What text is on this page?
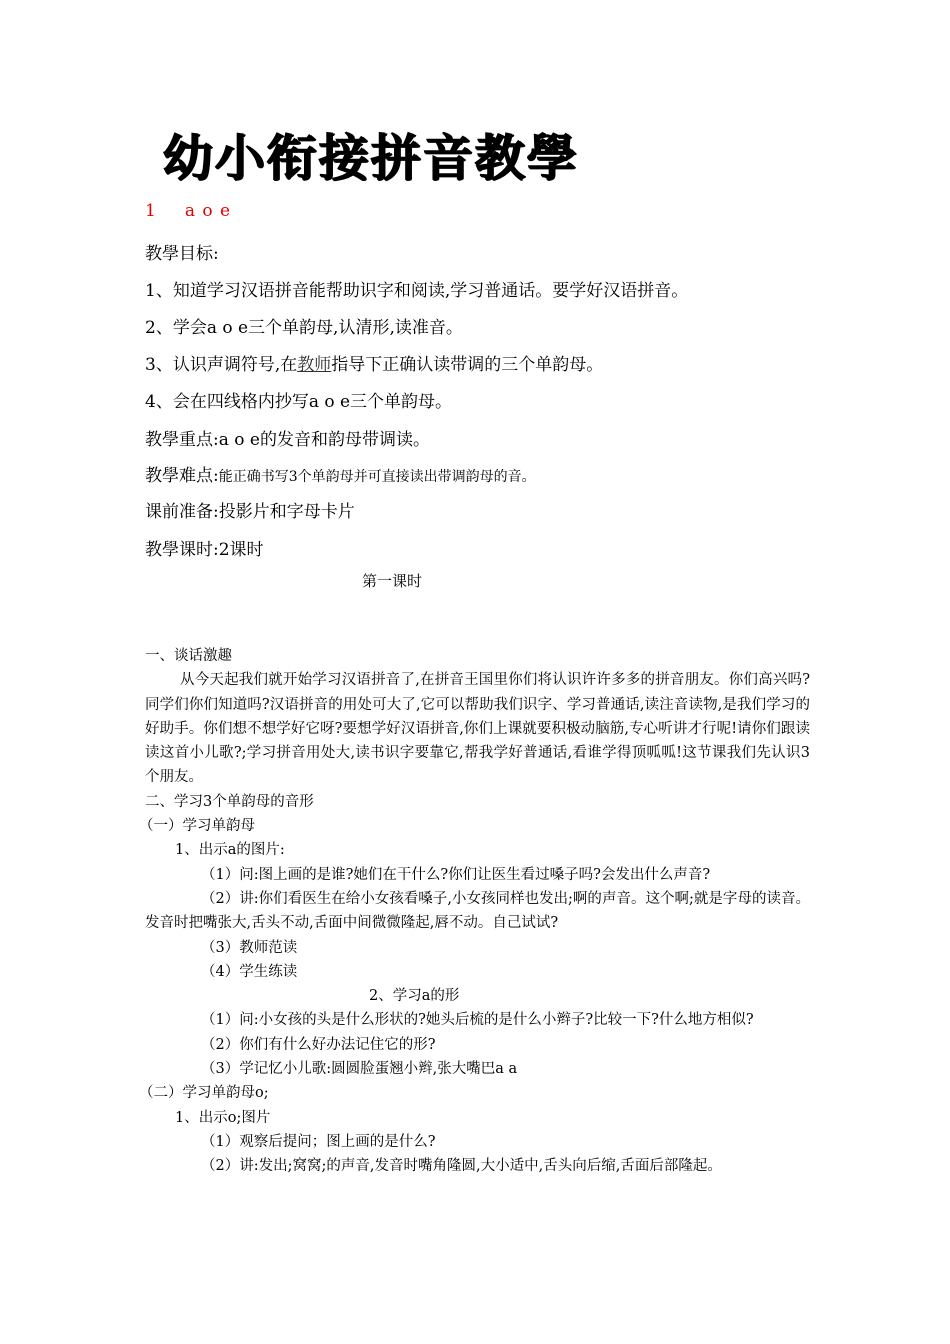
幼小衔接拼音教學
1 a o e
教學目标:
1、知道学习汉语拼音能帮助识字和阅读,学习普通话。要学好汉语拼音。
2、学会a o e三个单韵母,认清形,读准音。
3、认识声调符号,在教师指导下正确认读带调的三个单韵母。
4、会在四线格内抄写a o e三个单韵母。
教學重点:a o e的发音和韵母带调读。
教學难点:能正确书写3个单韵母并可直接读出带调韵母的音。
课前准备:投影片和字母卡片
教學课时:2课时
第一课时

一、谈话激趣

从今天起我们就开始学习汉语拼音了,在拼音王国里你们将认识许许多多的拼音朋友。你们高兴吗?同学们你们知道吗?汉语拼音的用处可大了,它可以帮助我们识字、学习普通话,读注音读物,是我们学习的好助手。你们想不想学好它呀?要想学好汉语拼音,你们上课就要积极动脑筋,专心听讲才行呢!请你们跟读读这首小儿歌?;学习拼音用处大,读书识字要靠它,帮我学好普通话,看谁学得顶呱呱!这节课我们先认识3个朋友。

二、学习3个单韵母的音形

（一）学习单韵母

1、出示a的图片:

（1）问:图上画的是谁?她们在干什么?你们让医生看过嗓子吗?会发出什么声音?

（2）讲:你们看医生在给小女孩看嗓子,小女孩同样也发出;啊的声音。这个啊;就是字母的读音。发音时把嘴张大,舌头不动,舌面中间微微隆起,唇不动。自己试试?

（3）教师范读

（4）学生练读

2、学习a的形

（1）问:小女孩的头是什么形状的?她头后梳的是什么小辫子?比较一下?什么地方相似?

（2）你们有什么好办法记住它的形?

（3）学记忆小儿歌:圆圆脸蛋翘小辫,张大嘴巴a a

（二）学习单韵母o;

1、出示o;图片

（1）观察后提问；图上画的是什么?

（2）讲:发出;窝窝;的声音,发音时嘴角隆圆,大小适中,舌头向后缩,舌面后部隆起。
